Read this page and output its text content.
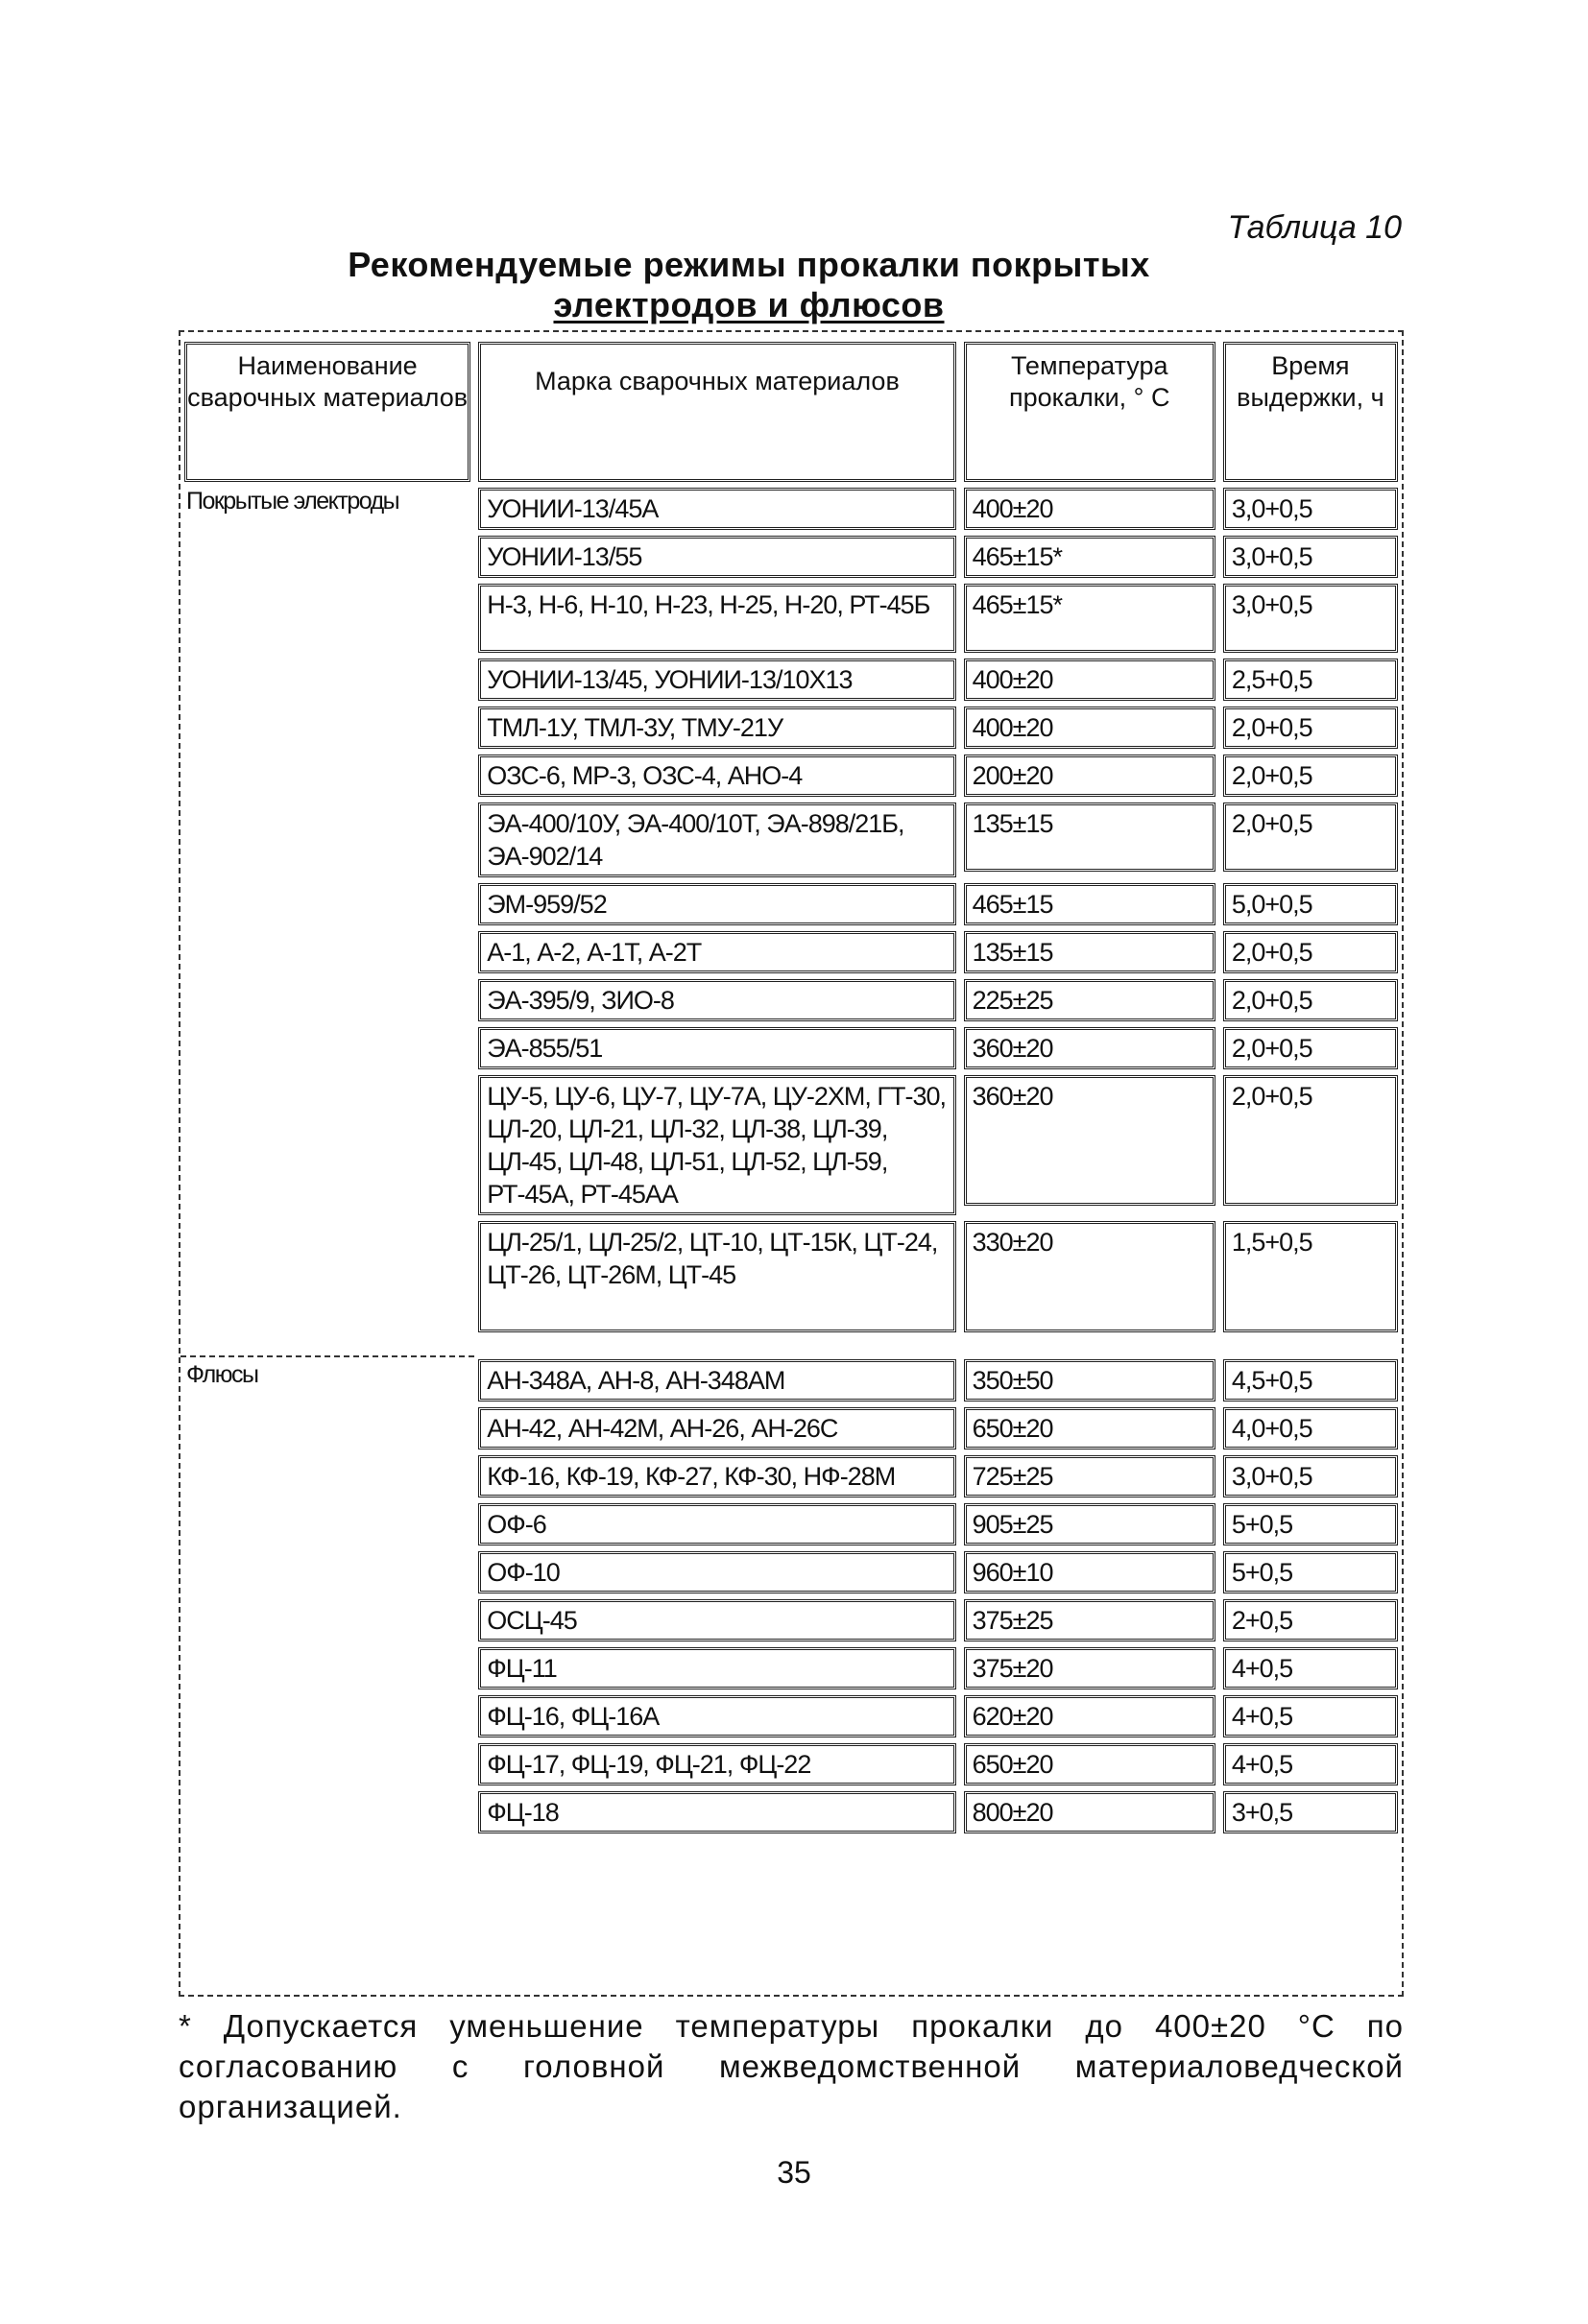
Таблица 10
Рекомендуемые режимы прокалки покрытых
электродов и флюсов
Наименование сварочных материалов	Марка сварочных материалов	Температура прокалки, ° С	Время выдержки, ч

Покрытые электроды	УОНИИ-13/45А	400±20	3,0+0,5

	УОНИИ-13/55	465±15*	3,0+0,5

	Н-3, Н-6, Н-10, Н-23, Н-25, Н-20, РТ-45Б	465±15*	3,0+0,5

	УОНИИ-13/45, УОНИИ-13/10Х13	400±20	2,5+0,5

	ТМЛ-1У, ТМЛ-3У, ТМУ-21У	400±20	2,0+0,5

	ОЗС-6, МР-3, ОЗС-4, АНО-4	200±20	2,0+0,5

	ЭА-400/10У, ЭА-400/10Т, ЭА-898/21Б, ЭА-902/14	135±15	2,0+0,5

	ЭМ-959/52	465±15	5,0+0,5

	А-1, А-2, А-1Т, А-2Т	135±15	2,0+0,5

	ЭА-395/9, ЗИО-8	225±25	2,0+0,5

	ЭА-855/51	360±20	2,0+0,5

	ЦУ-5, ЦУ-6, ЦУ-7, ЦУ-7А, ЦУ-2ХМ, ГТ-30, ЦЛ-20, ЦЛ-21, ЦЛ-32, ЦЛ-38, ЦЛ-39, ЦЛ-45, ЦЛ-48, ЦЛ-51, ЦЛ-52, ЦЛ-59, РТ-45А, РТ-45АА	360±20	2,0+0,5

	ЦЛ-25/1, ЦЛ-25/2, ЦТ-10, ЦТ-15К, ЦТ-24, ЦТ-26, ЦТ-26М, ЦТ-45	330±20	1,5+0,5

Флюсы	АН-348А, АН-8, АН-348АМ	350±50	4,5+0,5

	АН-42, АН-42М, АН-26, АН-26С	650±20	4,0+0,5

	КФ-16, КФ-19, КФ-27, КФ-30, НФ-28М	725±25	3,0+0,5

	ОФ-6	905±25	5+0,5

	ОФ-10	960±10	5+0,5

	ОСЦ-45	375±25	2+0,5

	ФЦ-11	375±20	4+0,5

	ФЦ-16, ФЦ-16А	620±20	4+0,5

	ФЦ-17, ФЦ-19, ФЦ-21, ФЦ-22	650±20	4+0,5

	ФЦ-18	800±20	3+0,5
* Допускается уменьшение температуры прокалки до 400±20 °С по согласованию с головной межведомственной материаловедческой организацией.
35
